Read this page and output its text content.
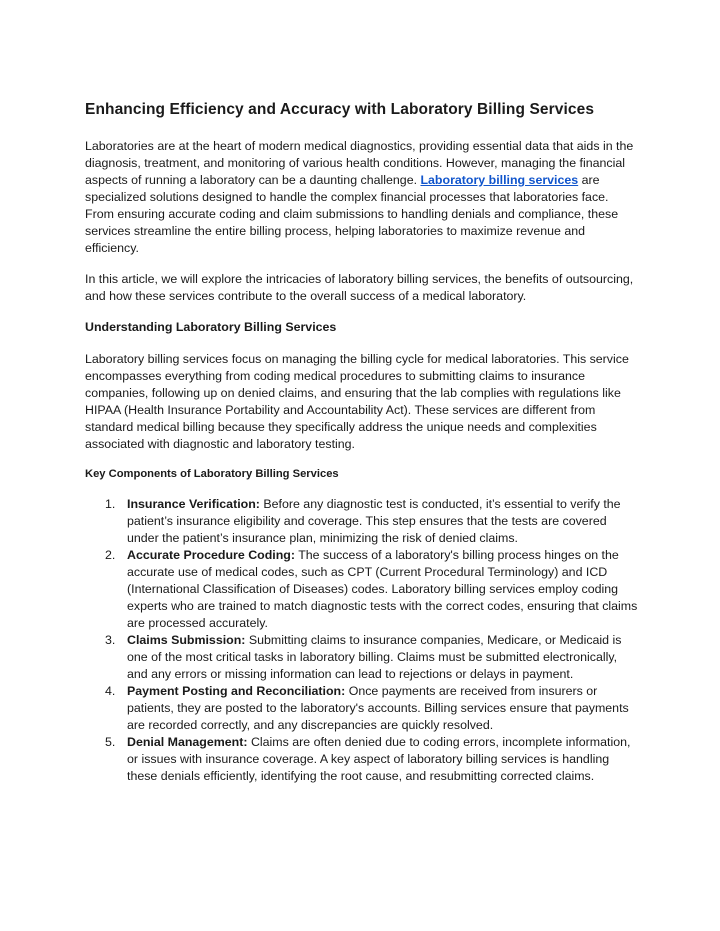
Enhancing Efficiency and Accuracy with Laboratory Billing Services

Laboratories are at the heart of modern medical diagnostics, providing essential data that aids in the diagnosis, treatment, and monitoring of various health conditions. However, managing the financial aspects of running a laboratory can be a daunting challenge. Laboratory billing services are specialized solutions designed to handle the complex financial processes that laboratories face. From ensuring accurate coding and claim submissions to handling denials and compliance, these services streamline the entire billing process, helping laboratories to maximize revenue and efficiency.

In this article, we will explore the intricacies of laboratory billing services, the benefits of outsourcing, and how these services contribute to the overall success of a medical laboratory.

Understanding Laboratory Billing Services

Laboratory billing services focus on managing the billing cycle for medical laboratories. This service encompasses everything from coding medical procedures to submitting claims to insurance companies, following up on denied claims, and ensuring that the lab complies with regulations like HIPAA (Health Insurance Portability and Accountability Act). These services are different from standard medical billing because they specifically address the unique needs and complexities associated with diagnostic and laboratory testing.

Key Components of Laboratory Billing Services
1. Insurance Verification: Before any diagnostic test is conducted, it’s essential to verify the patient’s insurance eligibility and coverage. This step ensures that the tests are covered under the patient’s insurance plan, minimizing the risk of denied claims.
2. Accurate Procedure Coding: The success of a laboratory's billing process hinges on the accurate use of medical codes, such as CPT (Current Procedural Terminology) and ICD (International Classification of Diseases) codes. Laboratory billing services employ coding experts who are trained to match diagnostic tests with the correct codes, ensuring that claims are processed accurately.
3. Claims Submission: Submitting claims to insurance companies, Medicare, or Medicaid is one of the most critical tasks in laboratory billing. Claims must be submitted electronically, and any errors or missing information can lead to rejections or delays in payment.
4. Payment Posting and Reconciliation: Once payments are received from insurers or patients, they are posted to the laboratory's accounts. Billing services ensure that payments are recorded correctly, and any discrepancies are quickly resolved.
5. Denial Management: Claims are often denied due to coding errors, incomplete information, or issues with insurance coverage. A key aspect of laboratory billing services is handling these denials efficiently, identifying the root cause, and resubmitting corrected claims.
